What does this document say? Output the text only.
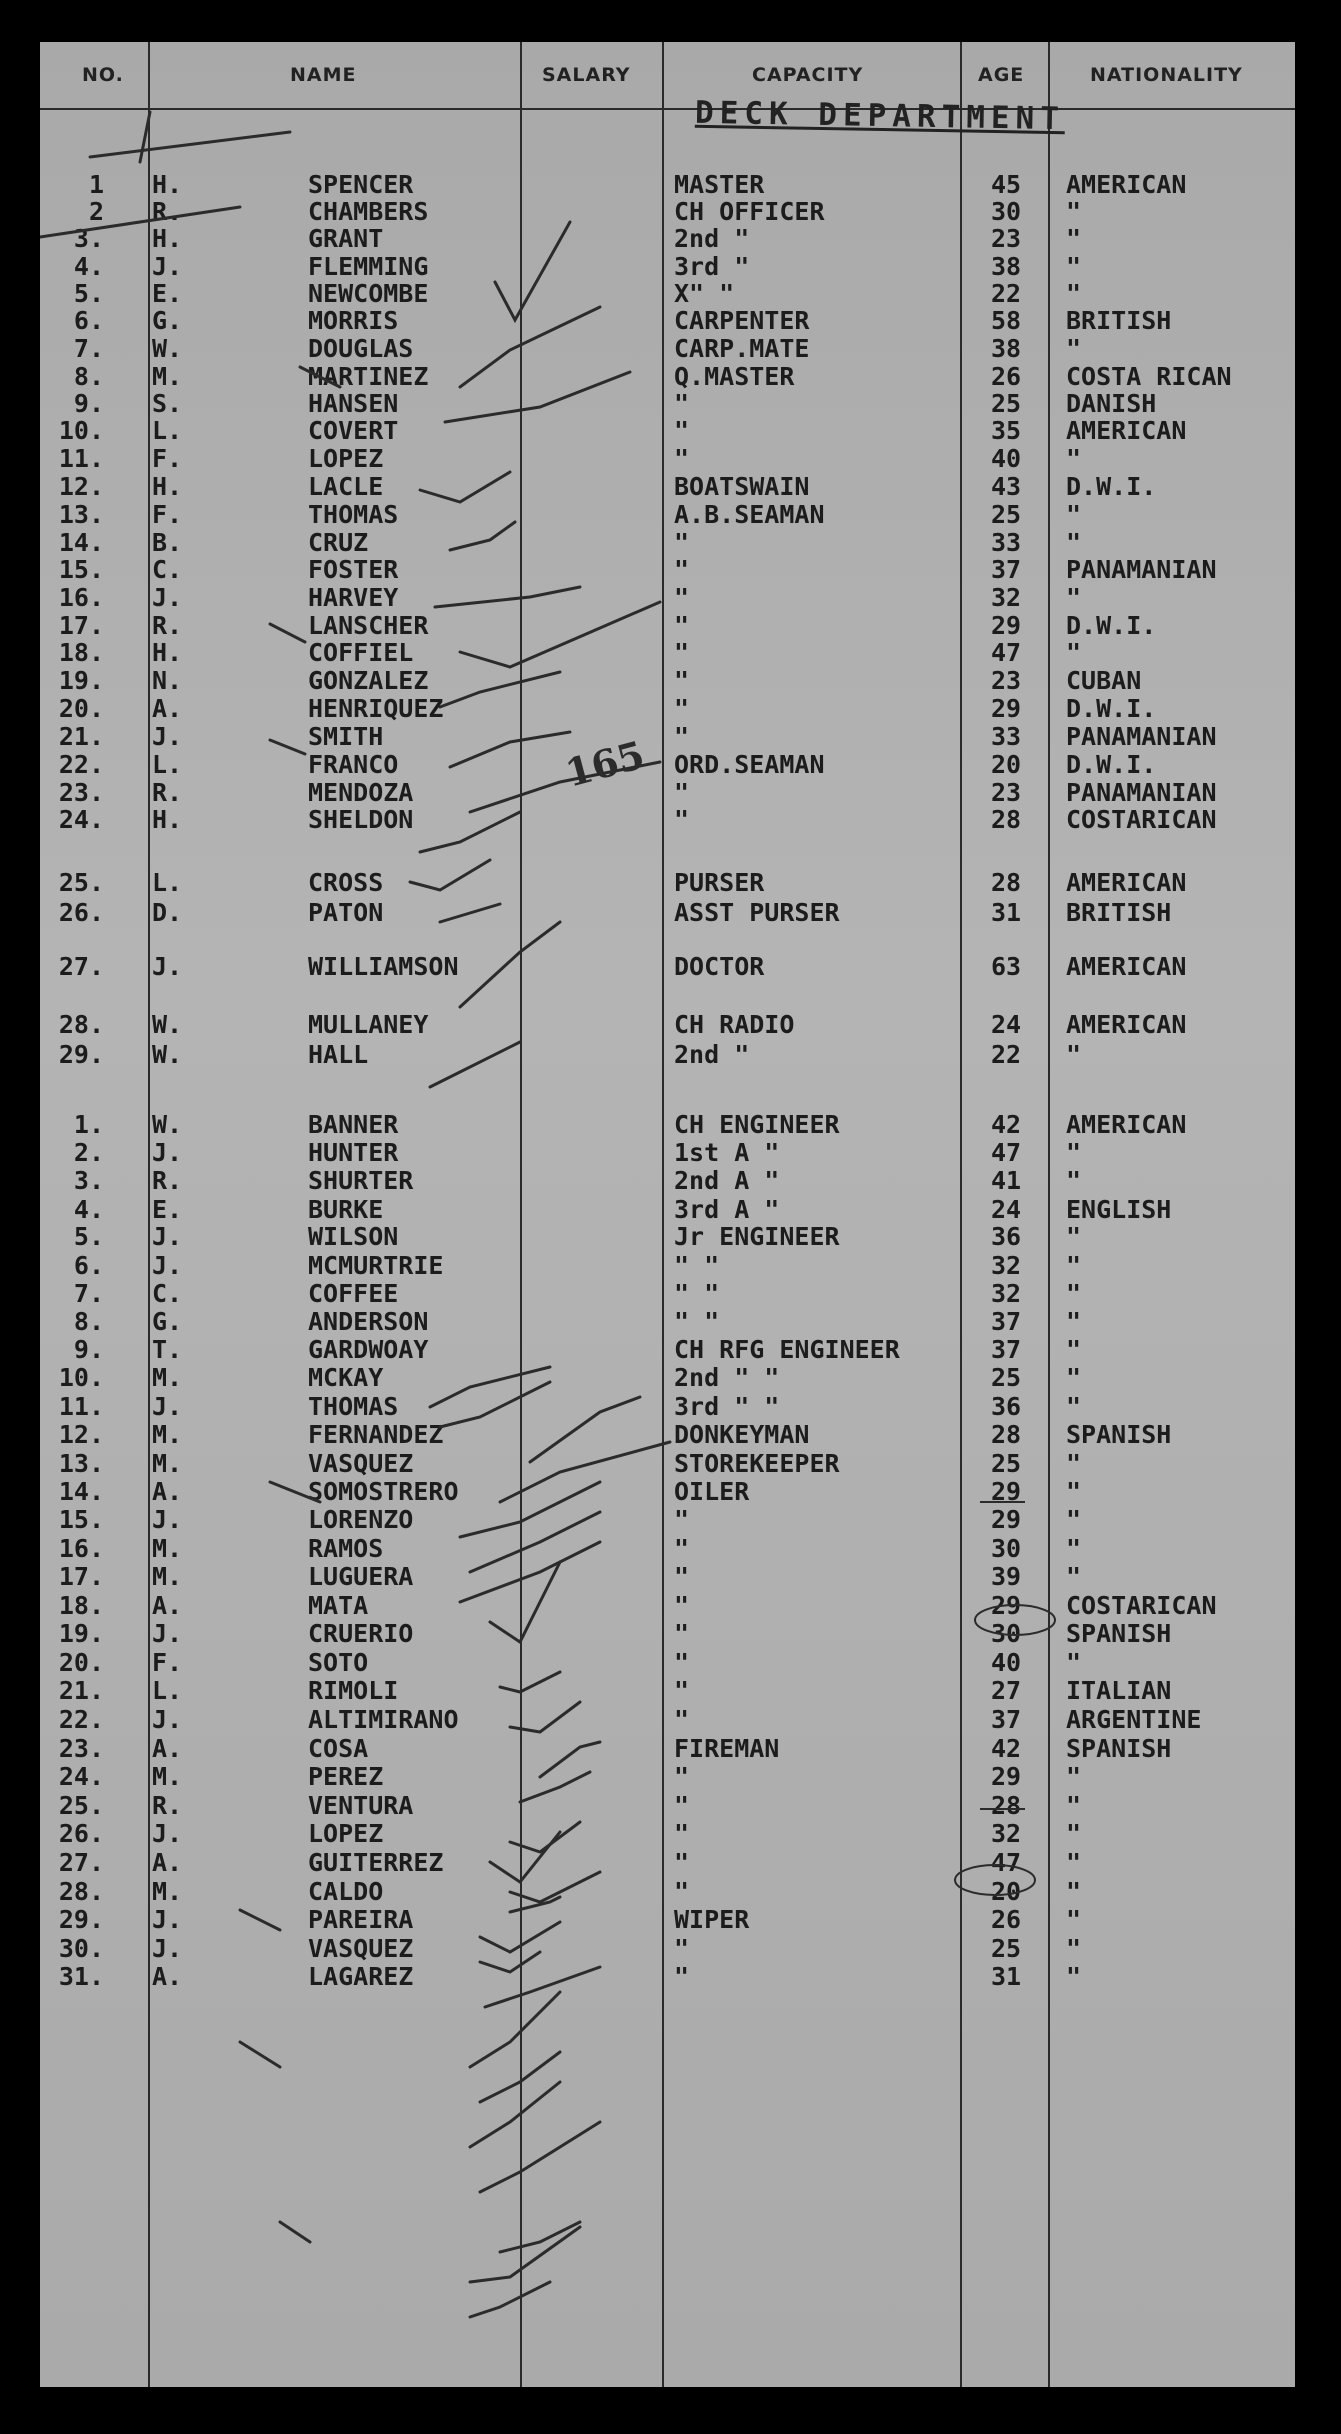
NO.	NAME	SALARY	CAPACITY	AGE	NATIONALITY
DECK DEPARTMENT
1 H.	SPENCER	MASTER	45	AMERICAN
2 R.	CHAMBERS	CH OFFICER	30	"
3. H.	GRANT	2nd "	23	"
4. J.	FLEMMING	3rd "	38	"
5. E.	NEWCOMBE	X" "	22	"
6. G.	MORRIS	CARPENTER	58	BRITISH
7. W.	DOUGLAS	CARP.MATE	38	"
8. M.	MARTINEZ	Q.MASTER	26	COSTA RICAN
9. S.	HANSEN	"	25	DANISH
10. L.	COVERT	"	35	AMERICAN
11. F.	LOPEZ	"	40	"
12. H.	LACLE	BOATSWAIN	43	D.W.I.
13. F.	THOMAS	A.B.SEAMAN	25	"
14. B.	CRUZ	"	33	"
15. C.	FOSTER	"	37	PANAMANIAN
16. J.	HARVEY	"	32	"
17. R.	LANSCHER	"	29	D.W.I.
18. H.	COFFIEL	"	47	"
19. N.	GONZALEZ	"	23	CUBAN
20. A.	HENRIQUEZ	"	29	D.W.I.
21. J.	SMITH	"	33	PANAMANIAN
22. L.	FRANCO	ORD.SEAMAN	20	D.W.I.
23. R.	MENDOZA	"	23	PANAMANIAN
24. H.	SHELDON	"	28	COSTARICAN
25. L.	CROSS	PURSER	28	AMERICAN
26. D.	PATON	ASST PURSER	31	BRITISH
27. J.	WILLIAMSON	DOCTOR	63	AMERICAN
28. W.	MULLANEY	CH RADIO	24	AMERICAN
29. W.	HALL	2nd "	22	"
1. W.	BANNER	CH ENGINEER	42	AMERICAN
2. J.	HUNTER	1st A "	47	"
3. R.	SHURTER	2nd A "	41	"
4. E.	BURKE	3rd A "	24	ENGLISH
5. J.	WILSON	Jr ENGINEER	36	"
6. J.	MCMURTRIE	" "	32	"
7. C.	COFFEE	" "	32	"
8. G.	ANDERSON	" "	37	"
9. T.	GARDWOAY	CH RFG ENGINEER	37	"
10. M.	MCKAY	2nd " "	25	"
11. J.	THOMAS	3rd " "	36	"
12. M.	FERNANDEZ	DONKEYMAN	28	SPANISH
13. M.	VASQUEZ	STOREKEEPER	25	"
14. A.	SOMOSTRERO	OILER	29	"
15. J.	LORENZO	"	29	"
16. M.	RAMOS	"	30	"
17. M.	LUGUERA	"	39	"
18. A.	MATA	"	29	COSTARICAN
19. J.	CRUERIO	"	30	SPANISH
20. F.	SOTO	"	40	"
21. L.	RIMOLI	"	27	ITALIAN
22. J.	ALTIMIRANO	"	37	ARGENTINE
23. A.	COSA	FIREMAN	42	SPANISH
24. M.	PEREZ	"	29	"
25. R.	VENTURA	"	28	"
26. J.	LOPEZ	"	32	"
27. A.	GUITERREZ	"	47	"
28. M.	CALDO	"	20	"
29. J.	PAREIRA	WIPER	26	"
30. J.	VASQUEZ	"	25	"
31. A.	LAGAREZ	"	31	"
165
